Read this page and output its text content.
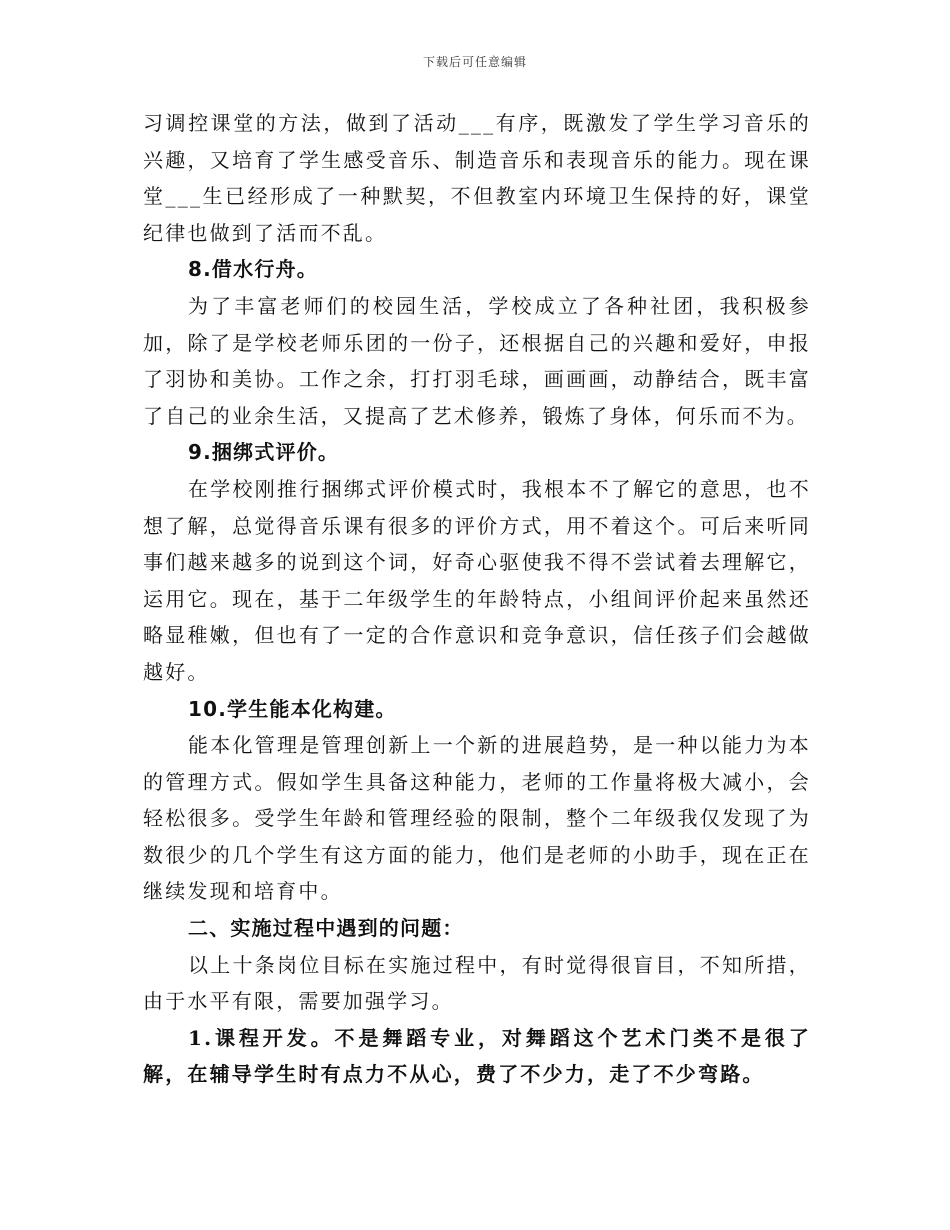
下载后可任意编辑

习调控课堂的方法，做到了活动___有序，既激发了学生学习音乐的兴趣，又培育了学生感受音乐、制造音乐和表现音乐的能力。现在课堂___生已经形成了一种默契，不但教室内环境卫生保持的好，课堂纪律也做到了活而不乱。

8.借水行舟。

为了丰富老师们的校园生活，学校成立了各种社团，我积极参加，除了是学校老师乐团的一份子，还根据自己的兴趣和爱好，申报了羽协和美协。工作之余，打打羽毛球，画画画，动静结合，既丰富了自己的业余生活，又提高了艺术修养，锻炼了身体，何乐而不为。

9.捆绑式评价。

在学校刚推行捆绑式评价模式时，我根本不了解它的意思，也不想了解，总觉得音乐课有很多的评价方式，用不着这个。可后来听同事们越来越多的说到这个词，好奇心驱使我不得不尝试着去理解它，运用它。现在，基于二年级学生的年龄特点，小组间评价起来虽然还略显稚嫩，但也有了一定的合作意识和竞争意识，信任孩子们会越做越好。

10.学生能本化构建。

能本化管理是管理创新上一个新的进展趋势，是一种以能力为本的管理方式。假如学生具备这种能力，老师的工作量将极大减小，会轻松很多。受学生年龄和管理经验的限制，整个二年级我仅发现了为数很少的几个学生有这方面的能力，他们是老师的小助手，现在正在继续发现和培育中。

二、实施过程中遇到的问题：

以上十条岗位目标在实施过程中，有时觉得很盲目，不知所措，由于水平有限，需要加强学习。

1.课程开发。不是舞蹈专业，对舞蹈这个艺术门类不是很了解，在辅导学生时有点力不从心，费了不少力，走了不少弯路。
